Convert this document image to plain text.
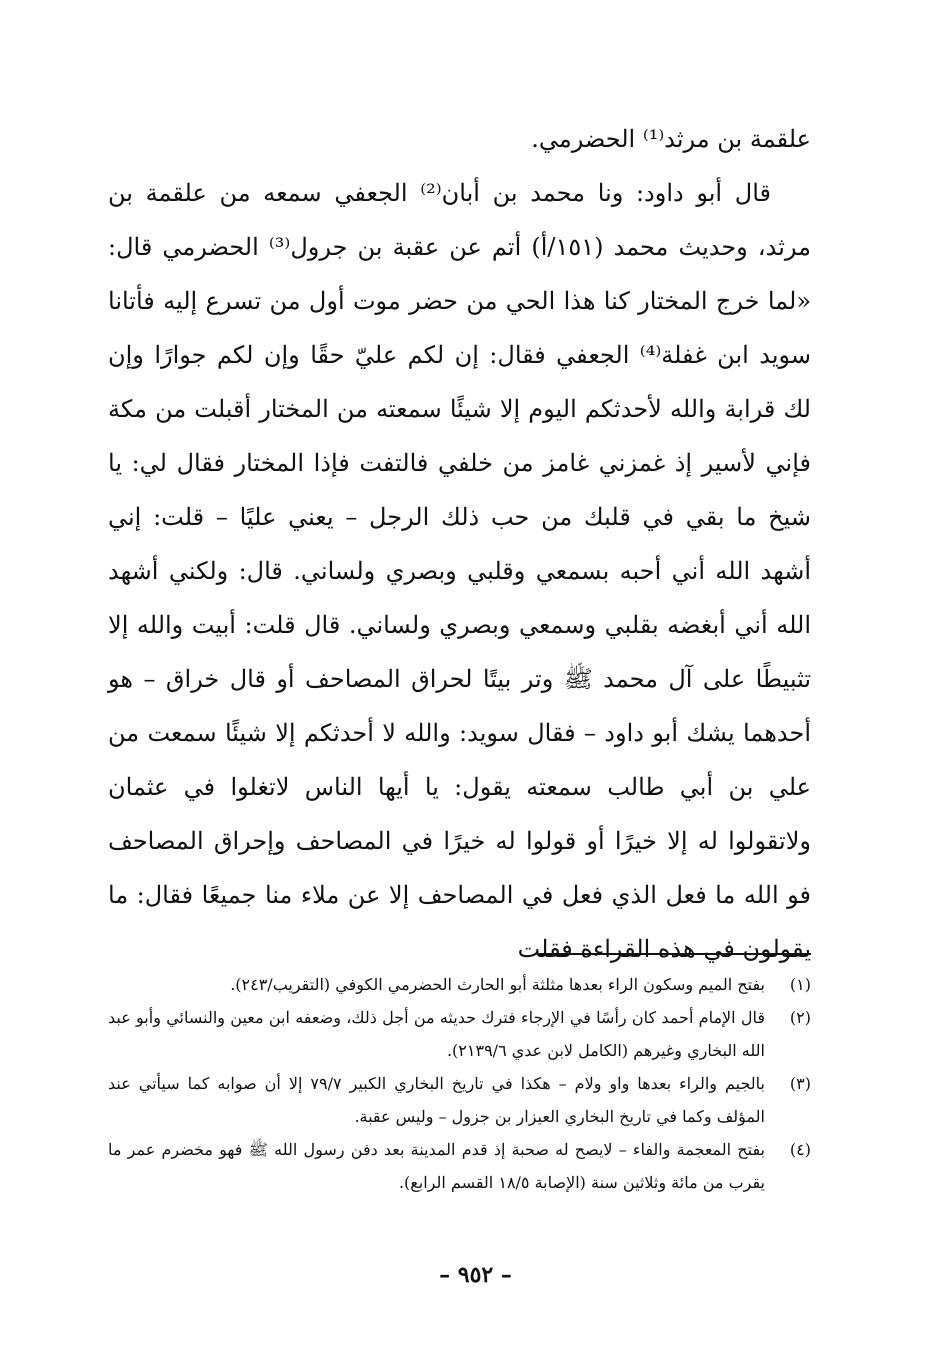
علقمة بن مرثد⁽¹⁾ الحضرمي.

قال أبو داود: ونا محمد بن أبان⁽²⁾ الجعفي سمعه من علقمة بن مرثد، وحديث محمد (١٥١/أ) أتم عن عقبة بن جرول⁽³⁾ الحضرمي قال: «لما خرج المختار كنا هذا الحي من حضر موت أول من تسرع إليه فأتانا سويد ابن غفلة⁽⁴⁾ الجعفي فقال: إن لكم عليّ حقًا وإن لكم جوارًا وإن لك قرابة والله لأحدثكم اليوم إلا شيئًا سمعته من المختار أقبلت من مكة فإني لأسير إذ غمزني غامز من خلفي فالتفت فإذا المختار فقال لي: يا شيخ ما بقي في قلبك من حب ذلك الرجل – يعني عليًا – قلت: إني أشهد الله أني أحبه بسمعي وقلبي وبصري ولساني. قال: ولكني أشهد الله أني أبغضه بقلبي وسمعي وبصري ولساني. قال قلت: أبيت والله إلا تثبيطًا على آل محمد ﷺ وتر بيتًا لحراق المصاحف أو قال خراق – هو أحدهما يشك أبو داود – فقال سويد: والله لا أحدثكم إلا شيئًا سمعت من علي بن أبي طالب سمعته يقول: يا أيها الناس لاتغلوا في عثمان ولاتقولوا له إلا خيرًا أو قولوا له خيرًا في المصاحف وإحراق المصاحف فو الله ما فعل الذي فعل في المصاحف إلا عن ملاء منا جميعًا فقال: ما يقولون في هذه القراءة فقلت

(١)
بفتح الميم وسكون الراء بعدها مثلثة أبو الحارث الحضرمي الكوفي (التقريب/٢٤٣).
(٢)
قال الإمام أحمد كان رأسًا في الإرجاء فترك حديثه من أجل ذلك، وضعفه ابن معين والنسائي وأبو عبد الله البخاري وغيرهم (الكامل لابن عدي ٢١٣٩/٦).
(٣)
بالجيم والراء بعدها واو ولام – هكذا في تاريخ البخاري الكبير ٧٩/٧ إلا أن صوابه كما سيأتي عند المؤلف وكما في تاريخ البخاري العيزار بن جزول – وليس عقبة.
(٤)
بفتح المعجمة والفاء – لايصح له صحبة إذ قدم المدينة بعد دفن رسول الله ﷺ فهو مخضرم عمر ما يقرب من مائة وثلاثين سنة (الإصابة ١٨/٥ القسم الرابع).
– ٩٥٢ –
